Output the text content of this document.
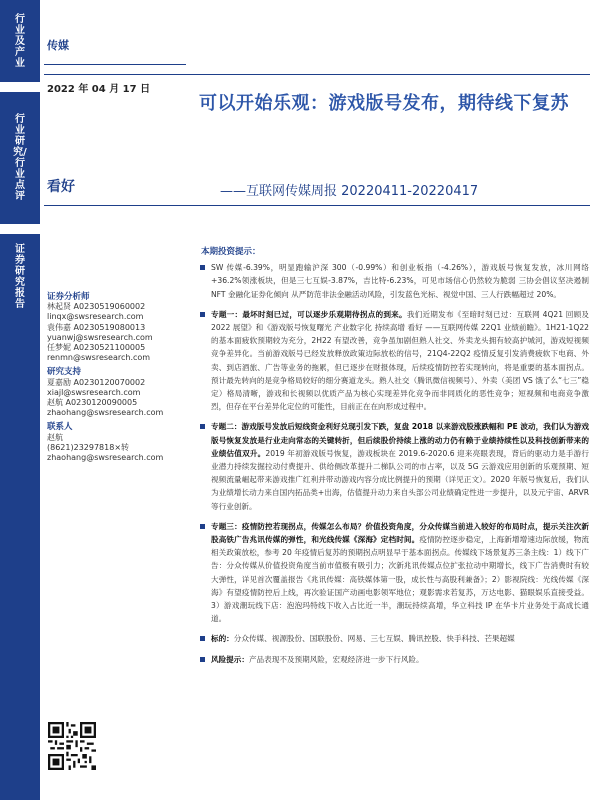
行业及产业
行业研究/行业点评
证券研究报告
传媒
2022 年 04 月 17 日
看好
可以开始乐观：游戏版号发布，期待线下复苏
——互联网传媒周报 20220411-20220417
证券分析师
林起贤 A0230519060002
linqx@swsresearch.com
袁伟嘉 A0230519080013
yuanwj@swsresearch.com
任梦妮 A0230521100005
renmn@swsresearch.com
研究支持
夏嘉励 A0230120070002
xiajl@swsresearch.com
赵航 A0230120090005
zhaohang@swsresearch.com
联系人
赵航
(8621)23297818×转
zhaohang@swsresearch.com
本期投资提示：
SW 传媒-6.39%，明显跑输沪深 300（-0.99%）和创业板指（-4.26%），游戏版号恢复发放，冰川网络+36.2%领涨板块，但是三七互娱-3.87%，吉比特-6.23%，可见市场信心仍然较为脆弱 三协会倡议坚决遏制 NFT 金融化证券化倾向 从严防范非法金融活动风险，引发蓝色光标、视觉中国、三人行跌幅超过 20%。
专题一：最坏时刻已过，可以逐步乐观期待拐点的到来。我们近期发布《至暗时刻已过：互联网 4Q21 回顾及 2022 展望》和《游戏版号恢复曙光 产业数字化 持续高增 看好 ——互联网传媒 22Q1 业绩前瞻》。1H21-1Q22 的基本面疲软预期较为充分，2H22 有望改善，竞争虽加剧但熟人社交、外卖龙头拥有较高护城河，游戏短视频竞争差异化。当前游戏版号已经发放释放政策边际放松的信号，21Q4-22Q2 疫情反复引发消费疲软下电商、外卖、到店酒旅、广告等业务的拖累，但已逐步在财报体现，后续疫情防控若实现转向，将是重要的基本面拐点。预计最先转向的是竞争格局较好的细分赛道龙头。熟人社交（腾讯微信视频号）、外卖（美团 VS 饿了么“七三”稳定）格局清晰，游戏和长视频以优质产品为核心实现差异化竞争而非同质化的恶性竞争；短视频和电商竞争激烈，但存在平台差异化定位的可能性，目前正在在向形成过程中。
专题二：游戏版号发放后短线资金利好兑现引发下跌，复盘 2018 以来游戏股涨跌幅和 PE 波动，我们认为游戏版号恢复发放是行业走向常态的关键转折，但后续股价持续上涨的动力仍有赖于业绩持续性以及科技创新带来的业绩估值双升。2019 年初游戏版号恢复，游戏板块在 2019.6-2020.6 迎来亮眼表现，背后的驱动力是手游行业潜力持续发掘拉动付费提升、供给侧改革提升二梯队公司的市占率，以及 5G 云游戏应用创新的乐观预期、短视频流量崛起带来游戏推广红利并带动游戏内容分成比例提升的预期（详见正文）。2020 年版号恢复后，我们认为业绩增长动力来自国内拓品类+出海，估值提升动力来自头部公司业绩确定性进一步提升，以及元宇宙、ARVR 等行业创新。
专题三：疫情防控若现拐点，传媒怎么布局？价值投资角度，分众传媒当前进入较好的布局时点，提示关注次新股高铁广告兆讯传媒的弹性，和光线传媒《深海》定档时间。疫情防控逐步稳定，上海新增增速边际放缓，物流相关政策放松，参考 20 年疫情后复苏的预期拐点明显早于基本面拐点。传媒线下场景复苏三条主线：1）线下广告：分众传媒从价值投资角度当前市值极有吸引力；次新兆讯传媒点位扩张拉动中期增长，线下广告消费时有较大弹性，详见首次覆盖报告《兆讯传媒：高铁媒体第一股，成长性与高股利兼备》；2）影视院线：光线传媒《深海》有望疫情防控后上线，再次验证国产动画电影领军地位；观影需求若复苏，万达电影、猫眼娱乐直接受益。3）游戏潮玩线下店：泡泡玛特线下收入占比近一半，潮玩持续高增，华立科技 IP 在华卡片业务处于高成长通道。
标的：分众传媒、视源股份、国联股份、网易、三七互娱、腾讯控股、快手科技、芒果超媒
风险提示：产品表现不及预期风险，宏观经济进一步下行风险。
